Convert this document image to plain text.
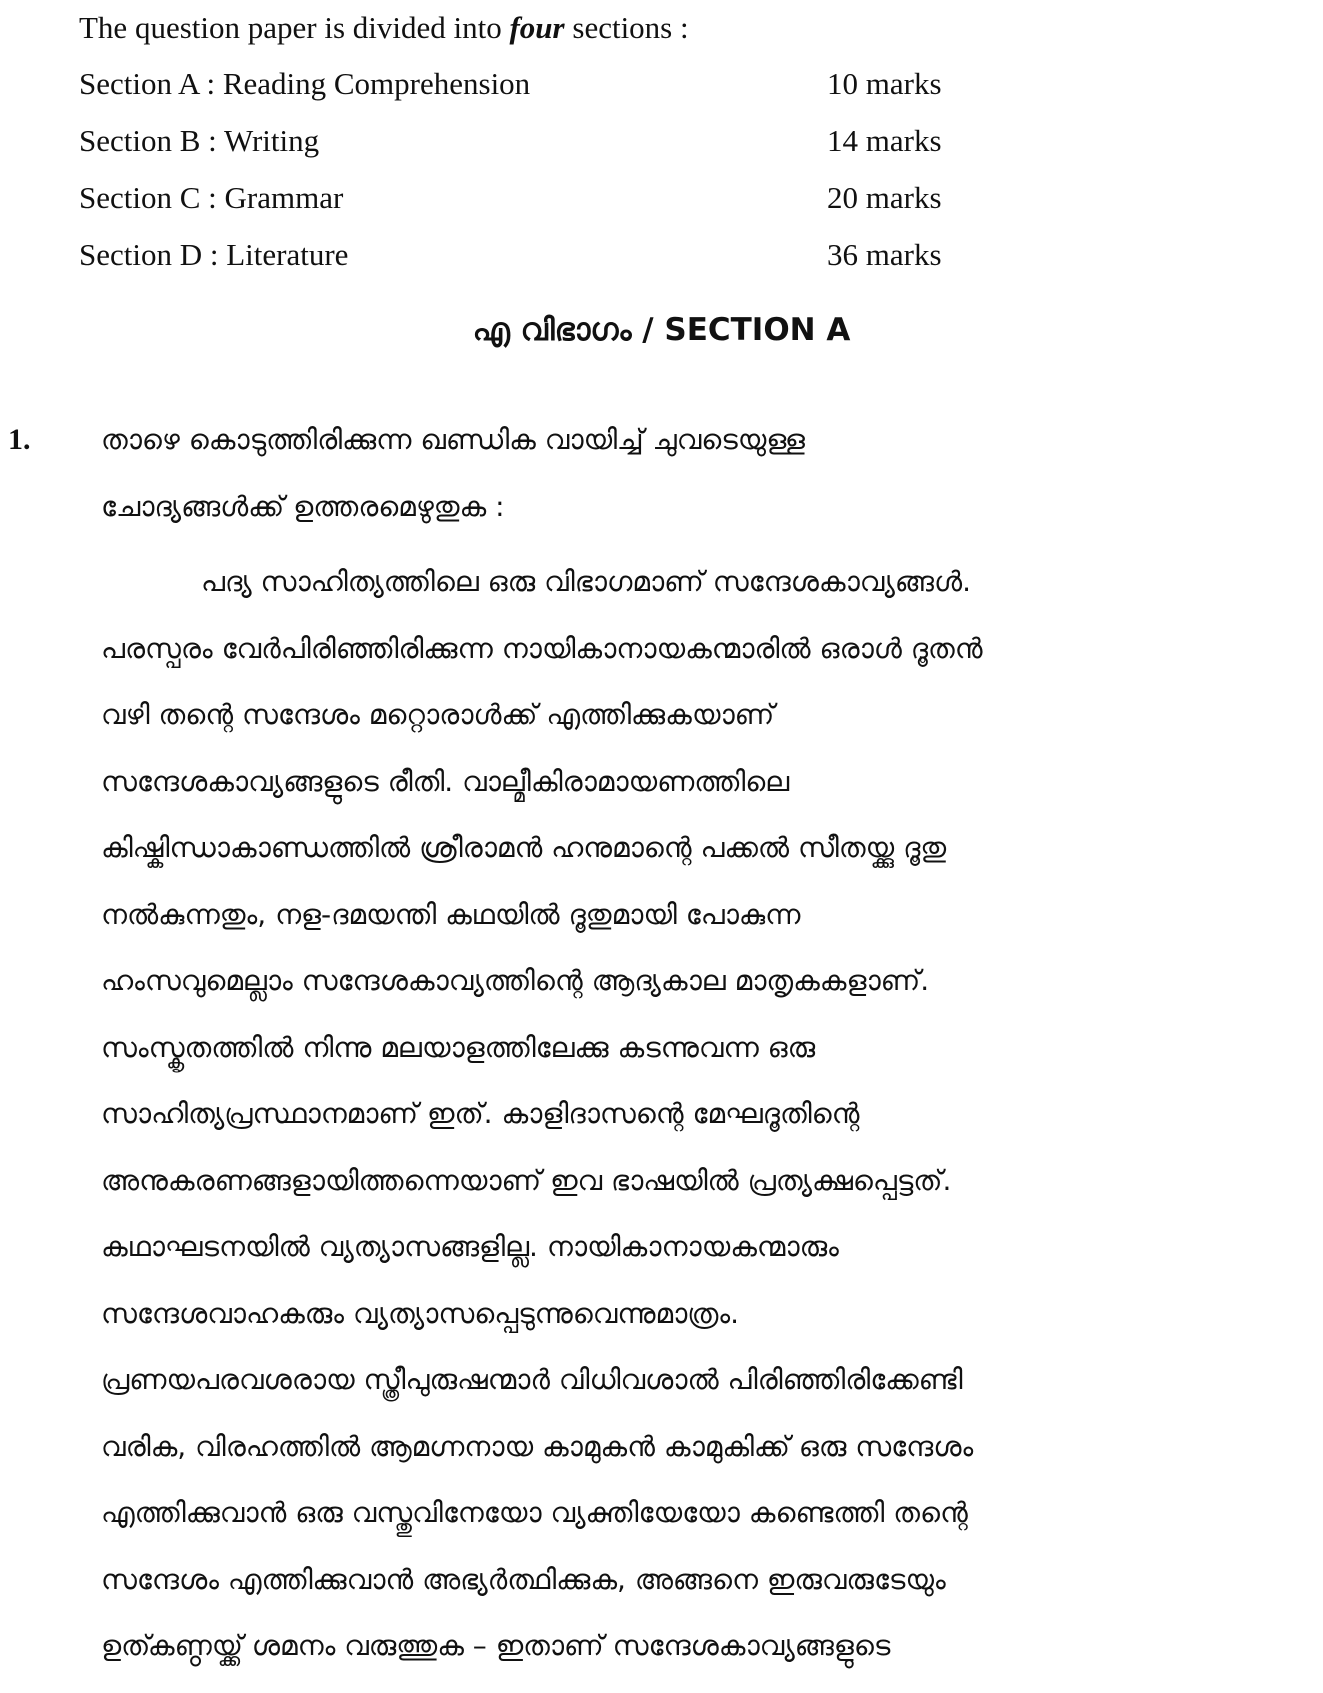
The question paper is divided into four sections :
Section A : Reading Comprehension	10 marks
Section B : Writing	14 marks
Section C : Grammar	20 marks
Section D : Literature	36 marks
എ വിഭാഗം / SECTION A
1.	താഴെ കൊടുത്തിരിക്കുന്ന ഖണ്ഡിക വായിച്ച് ചുവടെയുള്ള
ചോദ്യങ്ങൾക്ക് ഉത്തരമെഴുതുക :
പദ്യ സാഹിത്യത്തിലെ ഒരു വിഭാഗമാണ് സന്ദേശകാവ്യങ്ങൾ.
പരസ്പരം വേർപിരിഞ്ഞിരിക്കുന്ന നായികാനായകന്മാരിൽ ഒരാൾ ദൂതൻ
വഴി തന്റെ സന്ദേശം മറ്റൊരാൾക്ക് എത്തിക്കുകയാണ്
സന്ദേശകാവ്യങ്ങളുടെ രീതി. വാല്മീകിരാമായണത്തിലെ
കിഷ്കിന്ധാകാണ്ഡത്തിൽ ശ്രീരാമൻ ഹനുമാന്റെ പക്കൽ സീതയ്ക്കു ദൂതു
നൽകുന്നതും, നള-ദമയന്തി കഥയിൽ ദൂതുമായി പോകുന്ന
ഹംസവുമെല്ലാം സന്ദേശകാവ്യത്തിന്റെ ആദ്യകാല മാതൃകകളാണ്.
സംസ്കൃതത്തിൽ നിന്നു മലയാളത്തിലേക്കു കടന്നുവന്ന ഒരു
സാഹിത്യപ്രസ്ഥാനമാണ് ഇത്. കാളിദാസന്റെ മേഘദൂതിന്റെ
അനുകരണങ്ങളായിത്തന്നെയാണ് ഇവ ഭാഷയിൽ പ്രത്യക്ഷപ്പെട്ടത്.
കഥാഘടനയിൽ വ്യത്യാസങ്ങളില്ല. നായികാനായകന്മാരും
സന്ദേശവാഹകരും വ്യത്യാസപ്പെടുന്നുവെന്നുമാത്രം.
പ്രണയപരവശരായ സ്ത്രീപുരുഷന്മാർ വിധിവശാൽ പിരിഞ്ഞിരിക്കേണ്ടി
വരിക, വിരഹത്തിൽ ആമഗ്നനായ കാമുകൻ കാമുകിക്ക് ഒരു സന്ദേശം
എത്തിക്കുവാൻ ഒരു വസ്തുവിനേയോ വ്യക്തിയേയോ കണ്ടെത്തി തന്റെ
സന്ദേശം എത്തിക്കുവാൻ അഭ്യർത്ഥിക്കുക, അങ്ങനെ ഇരുവരുടേയും
ഉത്കണ്ഠയ്ക്ക് ശമനം വരുത്തുക – ഇതാണ് സന്ദേശകാവ്യങ്ങളുടെ
